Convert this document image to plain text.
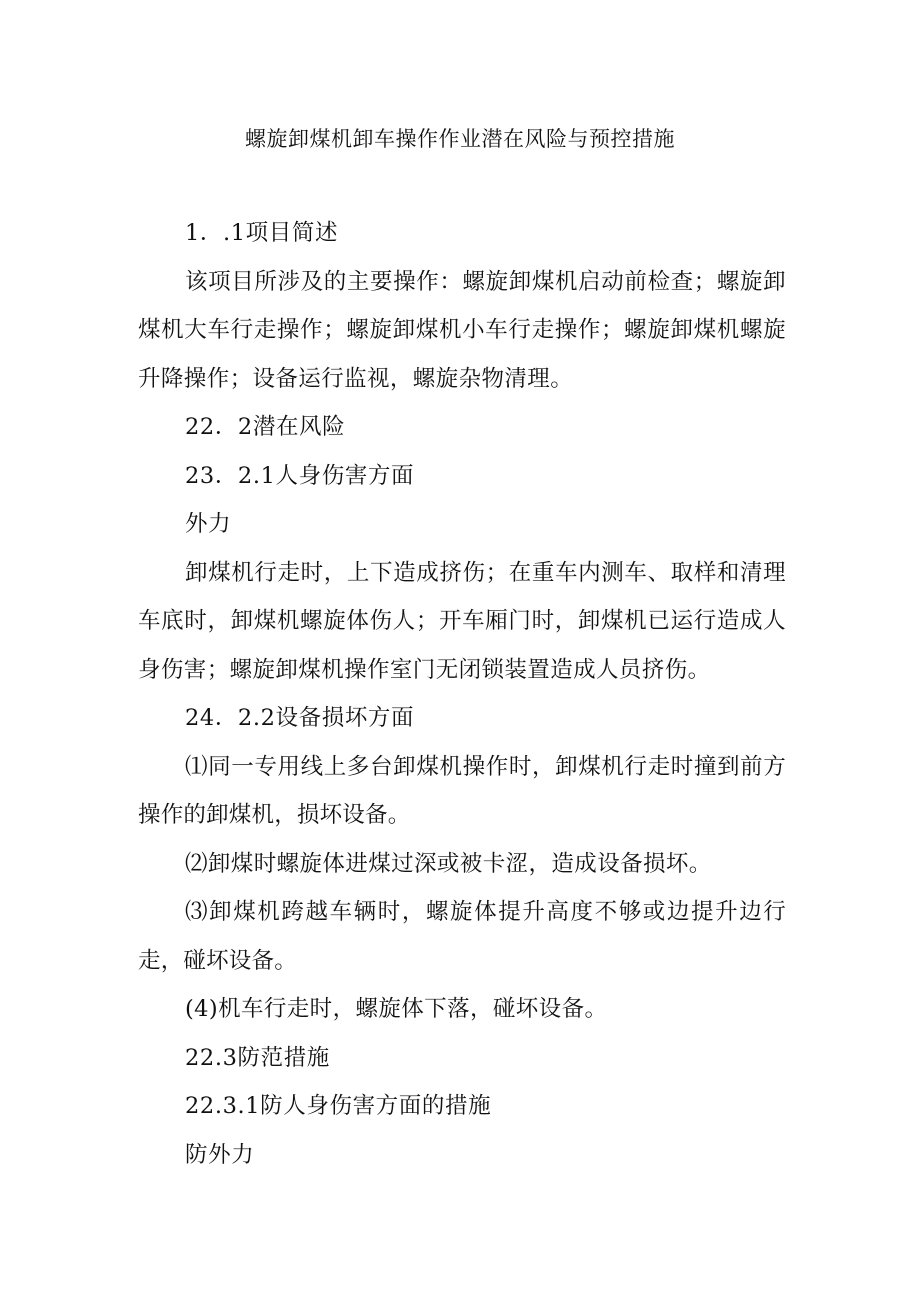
螺旋卸煤机卸车操作作业潜在风险与预控措施

1．.1项目简述

该项目所涉及的主要操作：螺旋卸煤机启动前检查；螺旋卸煤机大车行走操作；螺旋卸煤机小车行走操作；螺旋卸煤机螺旋升降操作；设备运行监视，螺旋杂物清理。

22．2潜在风险

23．2.1人身伤害方面

外力

卸煤机行走时，上下造成挤伤；在重车内测车、取样和清理车底时，卸煤机螺旋体伤人；开车厢门时，卸煤机已运行造成人身伤害；螺旋卸煤机操作室门无闭锁装置造成人员挤伤。

24．2.2设备损坏方面

⑴同一专用线上多台卸煤机操作时，卸煤机行走时撞到前方操作的卸煤机，损坏设备。

⑵卸煤时螺旋体进煤过深或被卡涩，造成设备损坏。

⑶卸煤机跨越车辆时，螺旋体提升高度不够或边提升边行走，碰坏设备。

(4)机车行走时，螺旋体下落，碰坏设备。

22.3防范措施

22.3.1防人身伤害方面的措施

防外力
